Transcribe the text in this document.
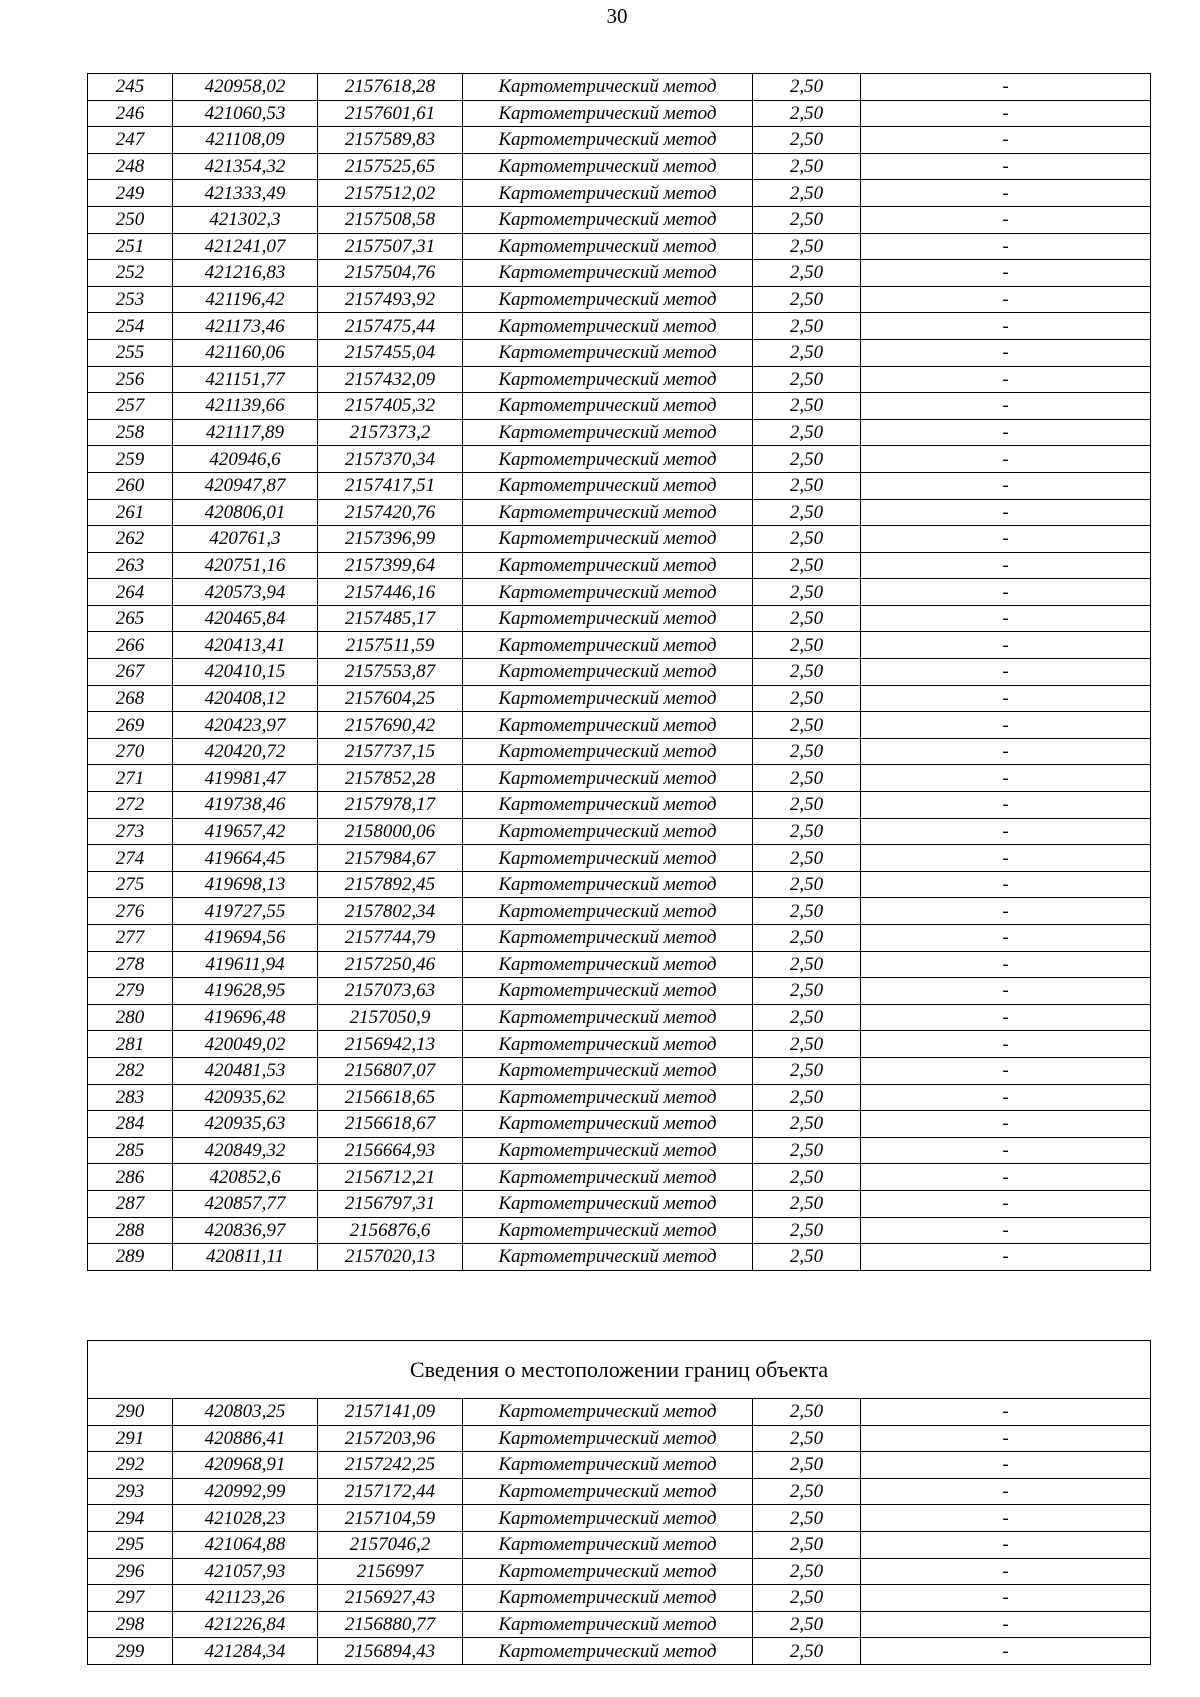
30
245	420958,02	2157618,28	Картометрический метод	2,50	-
246	421060,53	2157601,61	Картометрический метод	2,50	-
247	421108,09	2157589,83	Картометрический метод	2,50	-
248	421354,32	2157525,65	Картометрический метод	2,50	-
249	421333,49	2157512,02	Картометрический метод	2,50	-
250	421302,3	2157508,58	Картометрический метод	2,50	-
251	421241,07	2157507,31	Картометрический метод	2,50	-
252	421216,83	2157504,76	Картометрический метод	2,50	-
253	421196,42	2157493,92	Картометрический метод	2,50	-
254	421173,46	2157475,44	Картометрический метод	2,50	-
255	421160,06	2157455,04	Картометрический метод	2,50	-
256	421151,77	2157432,09	Картометрический метод	2,50	-
257	421139,66	2157405,32	Картометрический метод	2,50	-
258	421117,89	2157373,2	Картометрический метод	2,50	-
259	420946,6	2157370,34	Картометрический метод	2,50	-
260	420947,87	2157417,51	Картометрический метод	2,50	-
261	420806,01	2157420,76	Картометрический метод	2,50	-
262	420761,3	2157396,99	Картометрический метод	2,50	-
263	420751,16	2157399,64	Картометрический метод	2,50	-
264	420573,94	2157446,16	Картометрический метод	2,50	-
265	420465,84	2157485,17	Картометрический метод	2,50	-
266	420413,41	2157511,59	Картометрический метод	2,50	-
267	420410,15	2157553,87	Картометрический метод	2,50	-
268	420408,12	2157604,25	Картометрический метод	2,50	-
269	420423,97	2157690,42	Картометрический метод	2,50	-
270	420420,72	2157737,15	Картометрический метод	2,50	-
271	419981,47	2157852,28	Картометрический метод	2,50	-
272	419738,46	2157978,17	Картометрический метод	2,50	-
273	419657,42	2158000,06	Картометрический метод	2,50	-
274	419664,45	2157984,67	Картометрический метод	2,50	-
275	419698,13	2157892,45	Картометрический метод	2,50	-
276	419727,55	2157802,34	Картометрический метод	2,50	-
277	419694,56	2157744,79	Картометрический метод	2,50	-
278	419611,94	2157250,46	Картометрический метод	2,50	-
279	419628,95	2157073,63	Картометрический метод	2,50	-
280	419696,48	2157050,9	Картометрический метод	2,50	-
281	420049,02	2156942,13	Картометрический метод	2,50	-
282	420481,53	2156807,07	Картометрический метод	2,50	-
283	420935,62	2156618,65	Картометрический метод	2,50	-
284	420935,63	2156618,67	Картометрический метод	2,50	-
285	420849,32	2156664,93	Картометрический метод	2,50	-
286	420852,6	2156712,21	Картометрический метод	2,50	-
287	420857,77	2156797,31	Картометрический метод	2,50	-
288	420836,97	2156876,6	Картометрический метод	2,50	-
289	420811,11	2157020,13	Картометрический метод	2,50	-
Сведения о местоположении границ объекта					
290	420803,25	2157141,09	Картометрический метод	2,50	-
291	420886,41	2157203,96	Картометрический метод	2,50	-
292	420968,91	2157242,25	Картометрический метод	2,50	-
293	420992,99	2157172,44	Картометрический метод	2,50	-
294	421028,23	2157104,59	Картометрический метод	2,50	-
295	421064,88	2157046,2	Картометрический метод	2,50	-
296	421057,93	2156997	Картометрический метод	2,50	-
297	421123,26	2156927,43	Картометрический метод	2,50	-
298	421226,84	2156880,77	Картометрический метод	2,50	-
299	421284,34	2156894,43	Картометрический метод	2,50	-
